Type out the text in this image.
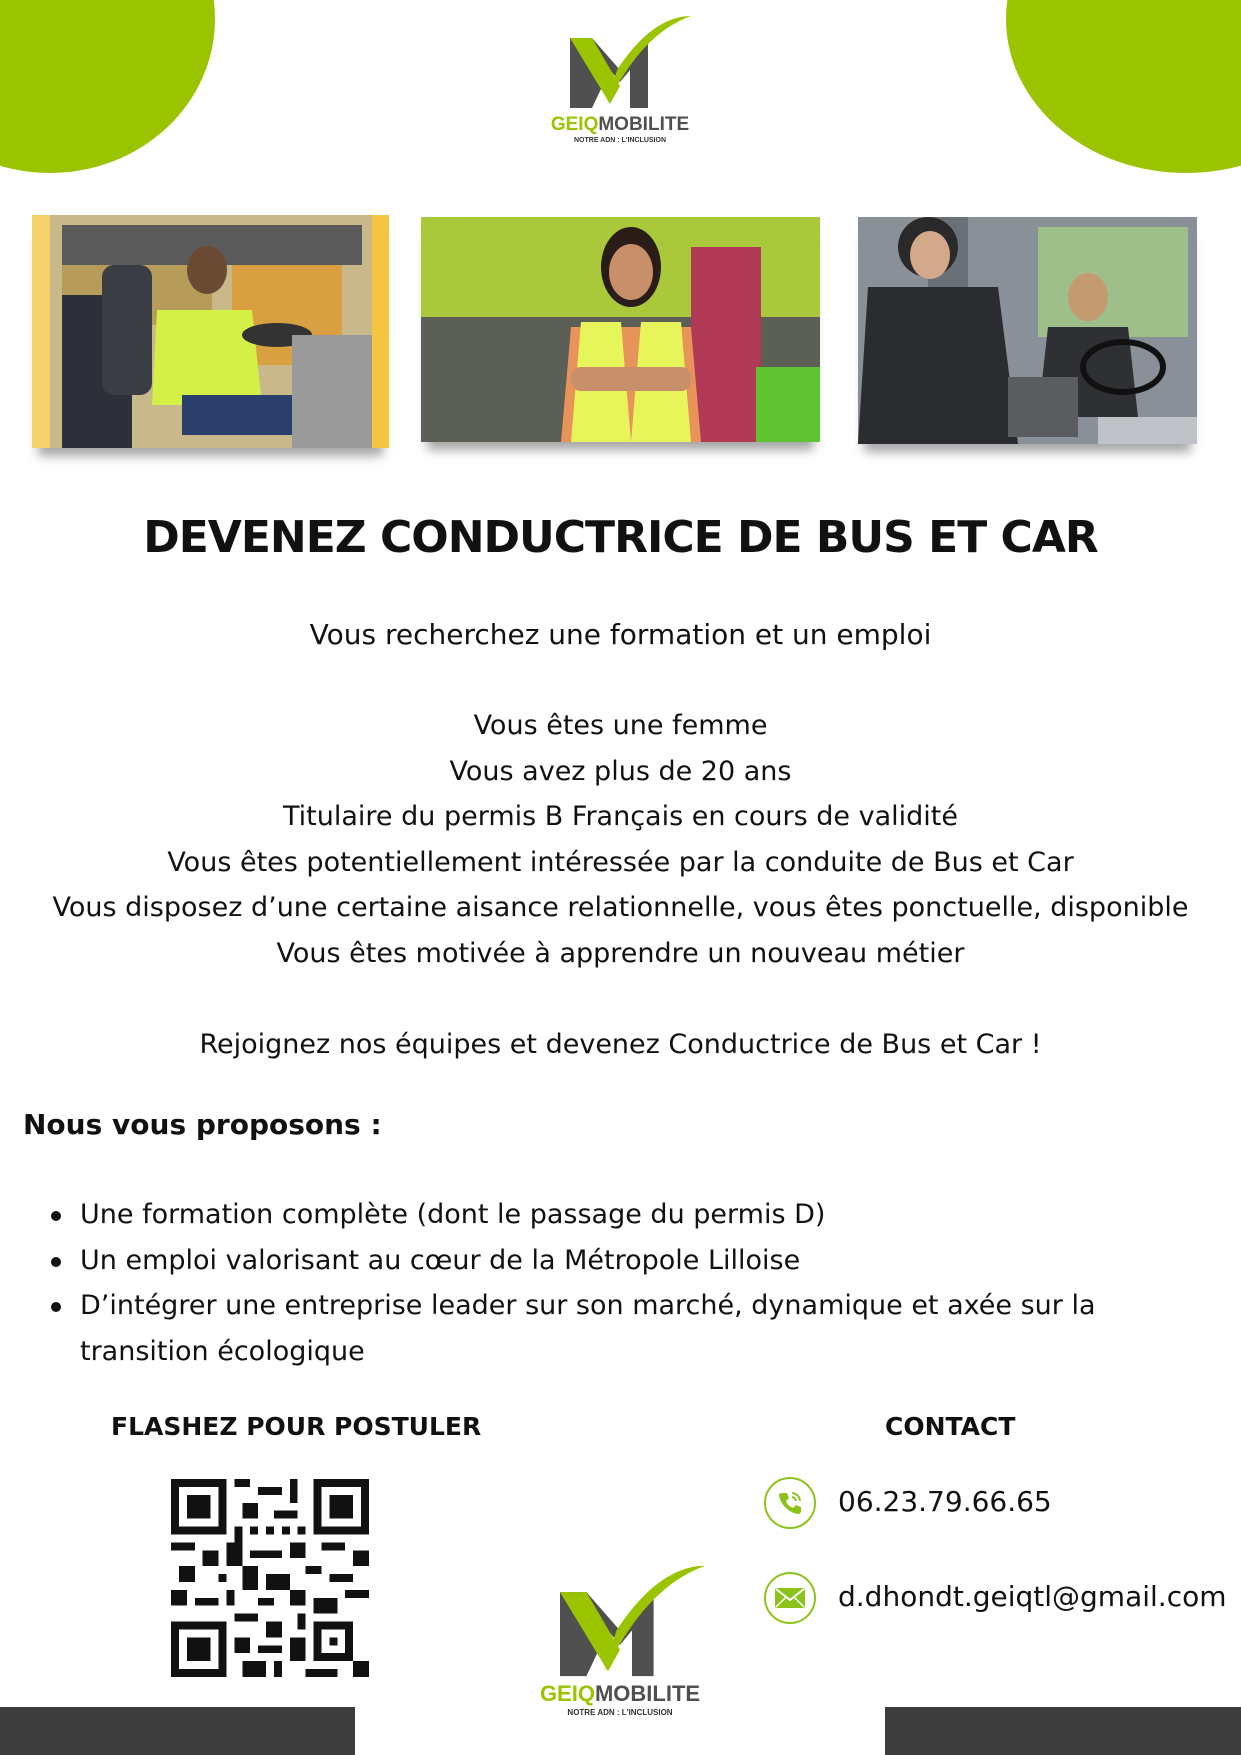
GEIQMOBILITE
NOTRE ADN : L'INCLUSION
DEVENEZ CONDUCTRICE DE BUS ET CAR

Vous recherchez une formation et un emploi

Vous êtes une femme
Vous avez plus de 20 ans
Titulaire du permis B Français en cours de validité
Vous êtes potentiellement intéressée par la conduite de Bus et Car
Vous disposez d’une certaine aisance relationnelle, vous êtes ponctuelle, disponible
Vous êtes motivée à apprendre un nouveau métier

Rejoignez nos équipes et devenez Conductrice de Bus et Car !

Nous vous proposons :

Une formation complète (dont le passage du permis D)
Un emploi valorisant au cœur de la Métropole Lilloise
D’intégrer une entreprise leader sur son marché, dynamique et axée sur la transition écologique

FLASHEZ POUR POSTULER

GEIQMOBILITE
NOTRE ADN : L'INCLUSION

CONTACT

06.23.79.66.65
d.dhondt.geiqtl@gmail.com
